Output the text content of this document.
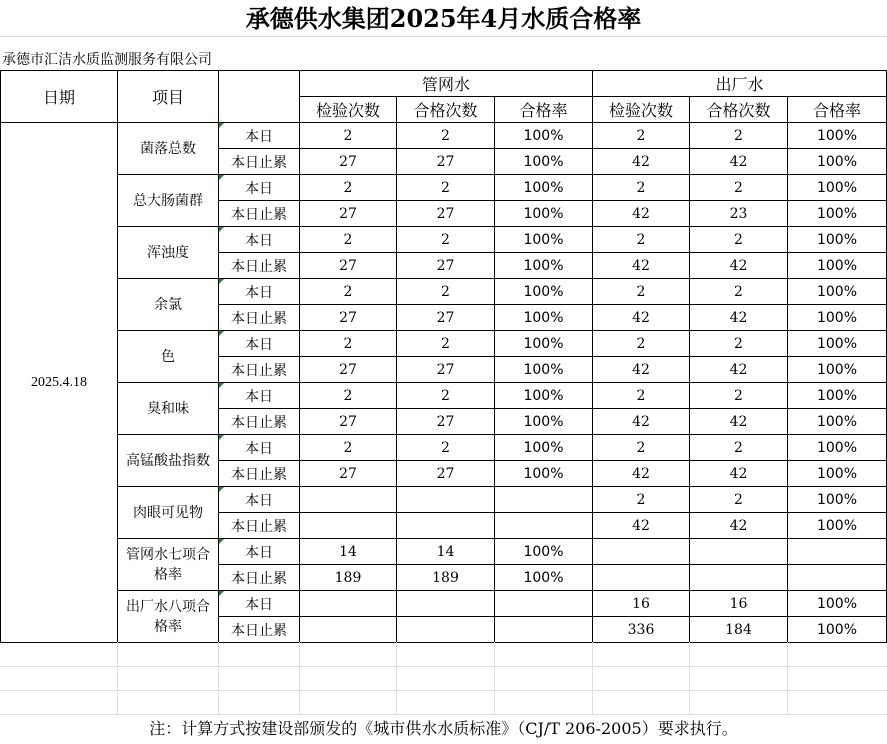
承德供水集团2025年4月水质合格率
承德市汇洁水质监测服务有限公司
日期	项目		管网水			出厂水		
			检验次数	合格次数	合格率	检验次数	合格次数	合格率
2025.4.18	菌落总数	本日	2	2	100%	2	2	100%
		本日止累	27	27	100%	42	42	100%
	总大肠菌群	本日	2	2	100%	2	2	100%
		本日止累	27	27	100%	42	23	100%
	浑浊度	本日	2	2	100%	2	2	100%
		本日止累	27	27	100%	42	42	100%
	余氯	本日	2	2	100%	2	2	100%
		本日止累	27	27	100%	42	42	100%
	色	本日	2	2	100%	2	2	100%
		本日止累	27	27	100%	42	42	100%
	臭和味	本日	2	2	100%	2	2	100%
		本日止累	27	27	100%	42	42	100%
	高锰酸盐指数	本日	2	2	100%	2	2	100%
		本日止累	27	27	100%	42	42	100%
	肉眼可见物	本日				2	2	100%
		本日止累				42	42	100%
	管网水七项合格率	本日	14	14	100%			
		本日止累	189	189	100%			
	出厂水八项合格率	本日				16	16	100%
		本日止累				336	184	100%
注：计算方式按建设部颁发的《城市供水水质标准》（CJ/T 206-2005）要求执行。
